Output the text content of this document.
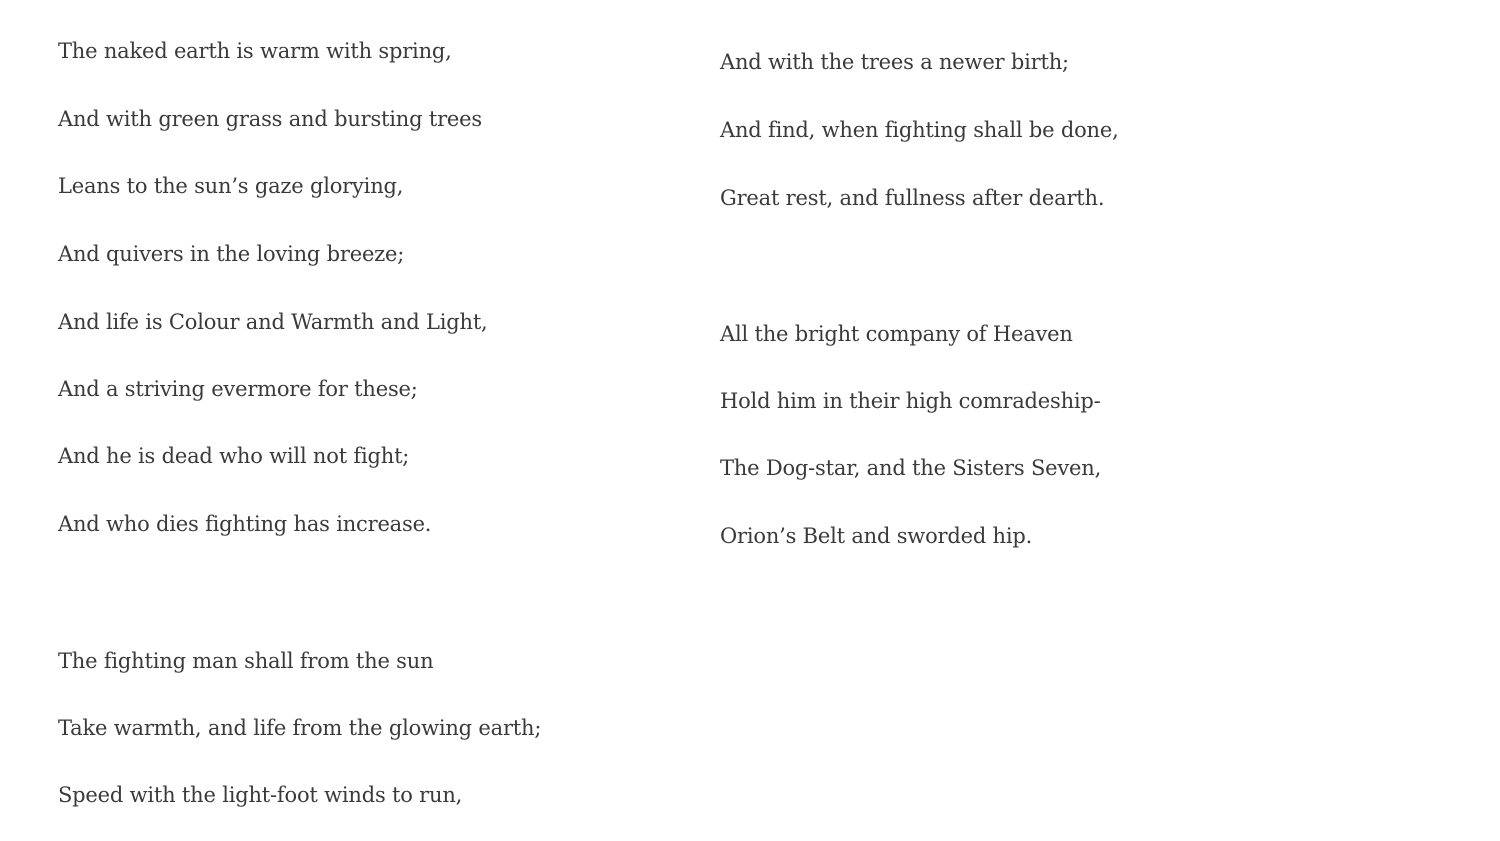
The naked earth is warm with spring,
And with green grass and bursting trees
Leans to the sun’s gaze glorying,
And quivers in the loving breeze;
And life is Colour and Warmth and Light,
And a striving evermore for these;
And he is dead who will not fight;
And who dies fighting has increase.
The fighting man shall from the sun
Take warmth, and life from the glowing earth;
Speed with the light-foot winds to run,
And with the trees a newer birth;
And find, when fighting shall be done,
Great rest, and fullness after dearth.
All the bright company of Heaven
Hold him in their high comradeship-
The Dog-star, and the Sisters Seven,
Orion’s Belt and sworded hip.
